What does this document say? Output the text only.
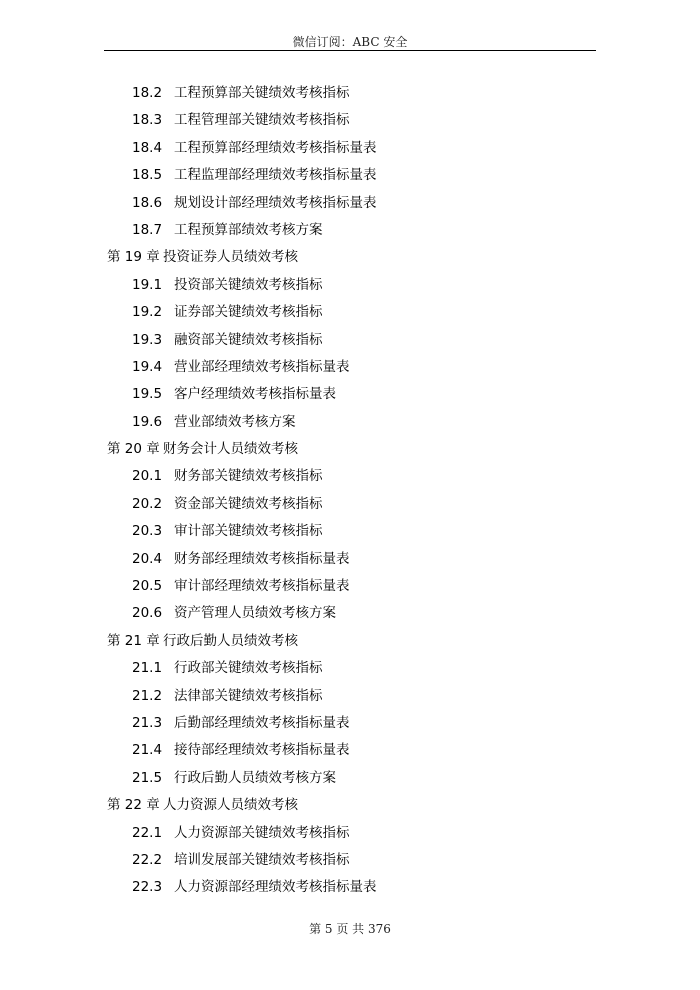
微信订阅：ABC 安全
18.2 工程预算部关键绩效考核指标
18.3 工程管理部关键绩效考核指标
18.4 工程预算部经理绩效考核指标量表
18.5 工程监理部经理绩效考核指标量表
18.6 规划设计部经理绩效考核指标量表
18.7 工程预算部绩效考核方案
第 19 章 投资证券人员绩效考核
19.1 投资部关键绩效考核指标
19.2 证券部关键绩效考核指标
19.3 融资部关键绩效考核指标
19.4 营业部经理绩效考核指标量表
19.5 客户经理绩效考核指标量表
19.6 营业部绩效考核方案
第 20 章 财务会计人员绩效考核
20.1 财务部关键绩效考核指标
20.2 资金部关键绩效考核指标
20.3 审计部关键绩效考核指标
20.4 财务部经理绩效考核指标量表
20.5 审计部经理绩效考核指标量表
20.6 资产管理人员绩效考核方案
第 21 章 行政后勤人员绩效考核
21.1 行政部关键绩效考核指标
21.2 法律部关键绩效考核指标
21.3 后勤部经理绩效考核指标量表
21.4 接待部经理绩效考核指标量表
21.5 行政后勤人员绩效考核方案
第 22 章 人力资源人员绩效考核
22.1 人力资源部关键绩效考核指标
22.2 培训发展部关键绩效考核指标
22.3 人力资源部经理绩效考核指标量表
第 5 页 共 376
